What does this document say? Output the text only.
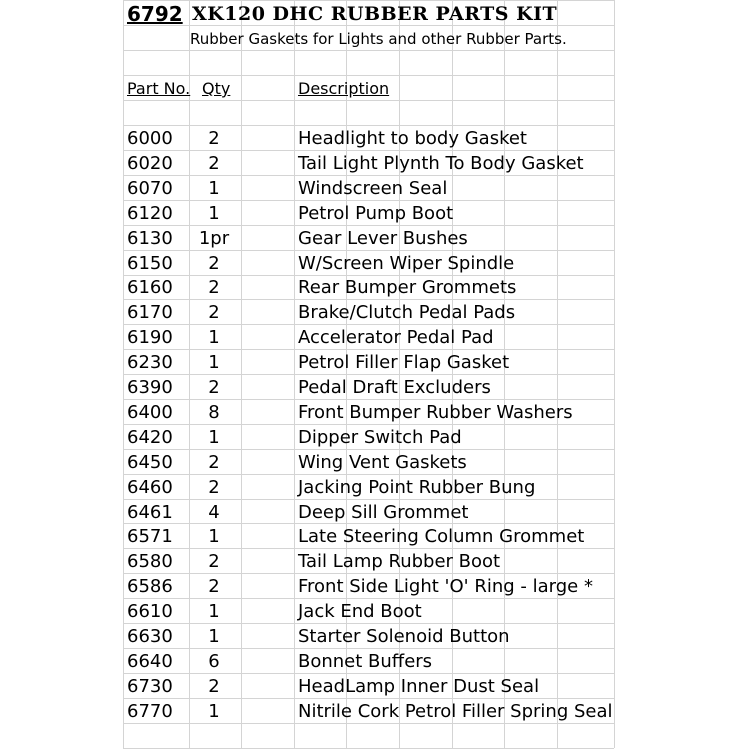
6792 XK120 DHC RUBBER PARTS KIT
Rubber Gaskets for Lights and other Rubber Parts.
Part No. Qty	Description
6000	2	Headlight to body Gasket
6020	2	Tail Light Plynth To Body Gasket
6070	1	Windscreen Seal
6120	1	Petrol Pump Boot
6130	1pr	Gear Lever Bushes
6150	2	W/Screen Wiper Spindle
6160	2	Rear Bumper Grommets
6170	2	Brake/Clutch Pedal Pads
6190	1	Accelerator Pedal Pad
6230	1	Petrol Filler Flap Gasket
6390	2	Pedal Draft Excluders
6400	8	Front Bumper Rubber Washers
6420	1	Dipper Switch Pad
6450	2	Wing Vent Gaskets
6460	2	Jacking Point Rubber Bung
6461	4	Deep Sill Grommet
6571	1	Late Steering Column Grommet
6580	2	Tail Lamp Rubber Boot
6586	2	Front Side Light 'O' Ring - large *
6610	1	Jack End Boot
6630	1	Starter Solenoid Button
6640	6	Bonnet Buffers
6730	2	HeadLamp Inner Dust Seal
6770	1	Nitrile Cork Petrol Filler Spring Seal
